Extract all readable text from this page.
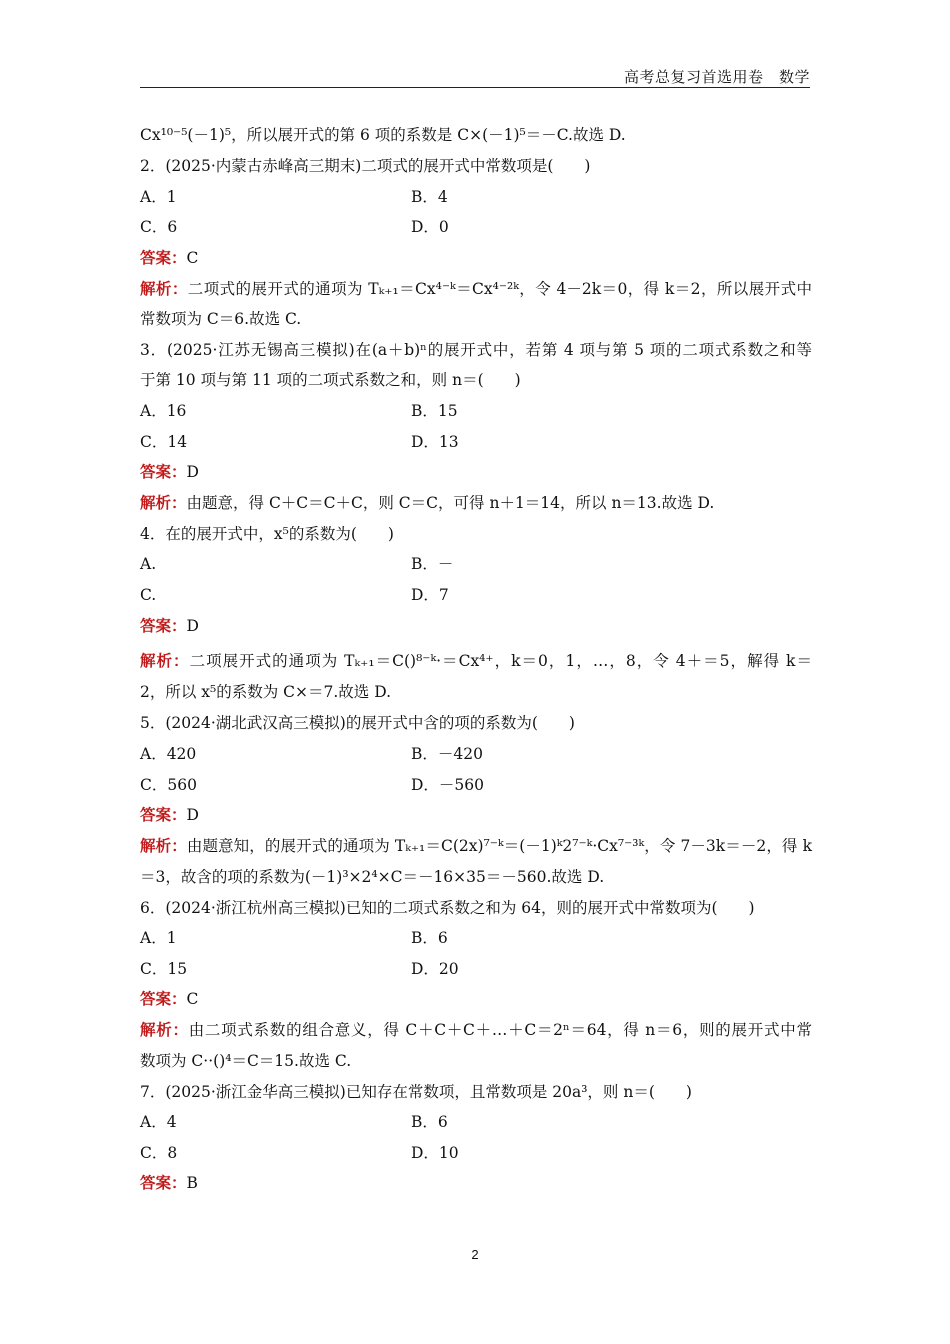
高考总复习首选用卷　数学
Cx¹⁰⁻⁵(－1)⁵，所以展开式的第 6 项的系数是 C×(－1)⁵＝－C.故选 D.
2．(2025·内蒙古赤峰高三期末)二项式的展开式中常数项是(　　)
A．1	B．4
C．6	D．0
答案：C
解析：二项式的展开式的通项为 Tₖ₊₁＝Cx⁴⁻ᵏ＝Cx⁴⁻²ᵏ，令 4－2k＝0，得 k＝2，所以展开式中
常数项为 C＝6.故选 C.
3．(2025·江苏无锡高三模拟)在(a＋b)ⁿ的展开式中，若第 4 项与第 5 项的二项式系数之和等
于第 10 项与第 11 项的二项式系数之和，则 n＝(　　)
A．16	B．15
C．14	D．13
答案：D
解析：由题意，得 C＋C＝C＋C，则 C＝C，可得 n＋1＝14，所以 n＝13.故选 D.
4．在的展开式中，x⁵的系数为(　　)
A.	B．－
C.	D．7
答案：D
解析：二项展开式的通项为 Tₖ₊₁＝C()⁸⁻ᵏ·＝Cx⁴⁺，k＝0，1，…，8，令 4＋＝5，解得 k＝
2，所以 x⁵的系数为 C×＝7.故选 D.
5．(2024·湖北武汉高三模拟)的展开式中含的项的系数为(　　)
A．420	B．－420
C．560	D．－560
答案：D
解析：由题意知，的展开式的通项为 Tₖ₊₁＝C(2x)⁷⁻ᵏ＝(－1)ᵏ2⁷⁻ᵏ·Cx⁷⁻³ᵏ，令 7－3k＝－2，得 k
＝3，故含的项的系数为(－1)³×2⁴×C＝－16×35＝－560.故选 D.
6．(2024·浙江杭州高三模拟)已知的二项式系数之和为 64，则的展开式中常数项为(　　)
A．1	B．6
C．15	D．20
答案：C
解析：由二项式系数的组合意义，得 C＋C＋C＋…＋C＝2ⁿ＝64，得 n＝6，则的展开式中常
数项为 C··()⁴＝C＝15.故选 C.
7．(2025·浙江金华高三模拟)已知存在常数项，且常数项是 20a³，则 n＝(　　)
A．4	B．6
C．8	D．10
答案：B
2
